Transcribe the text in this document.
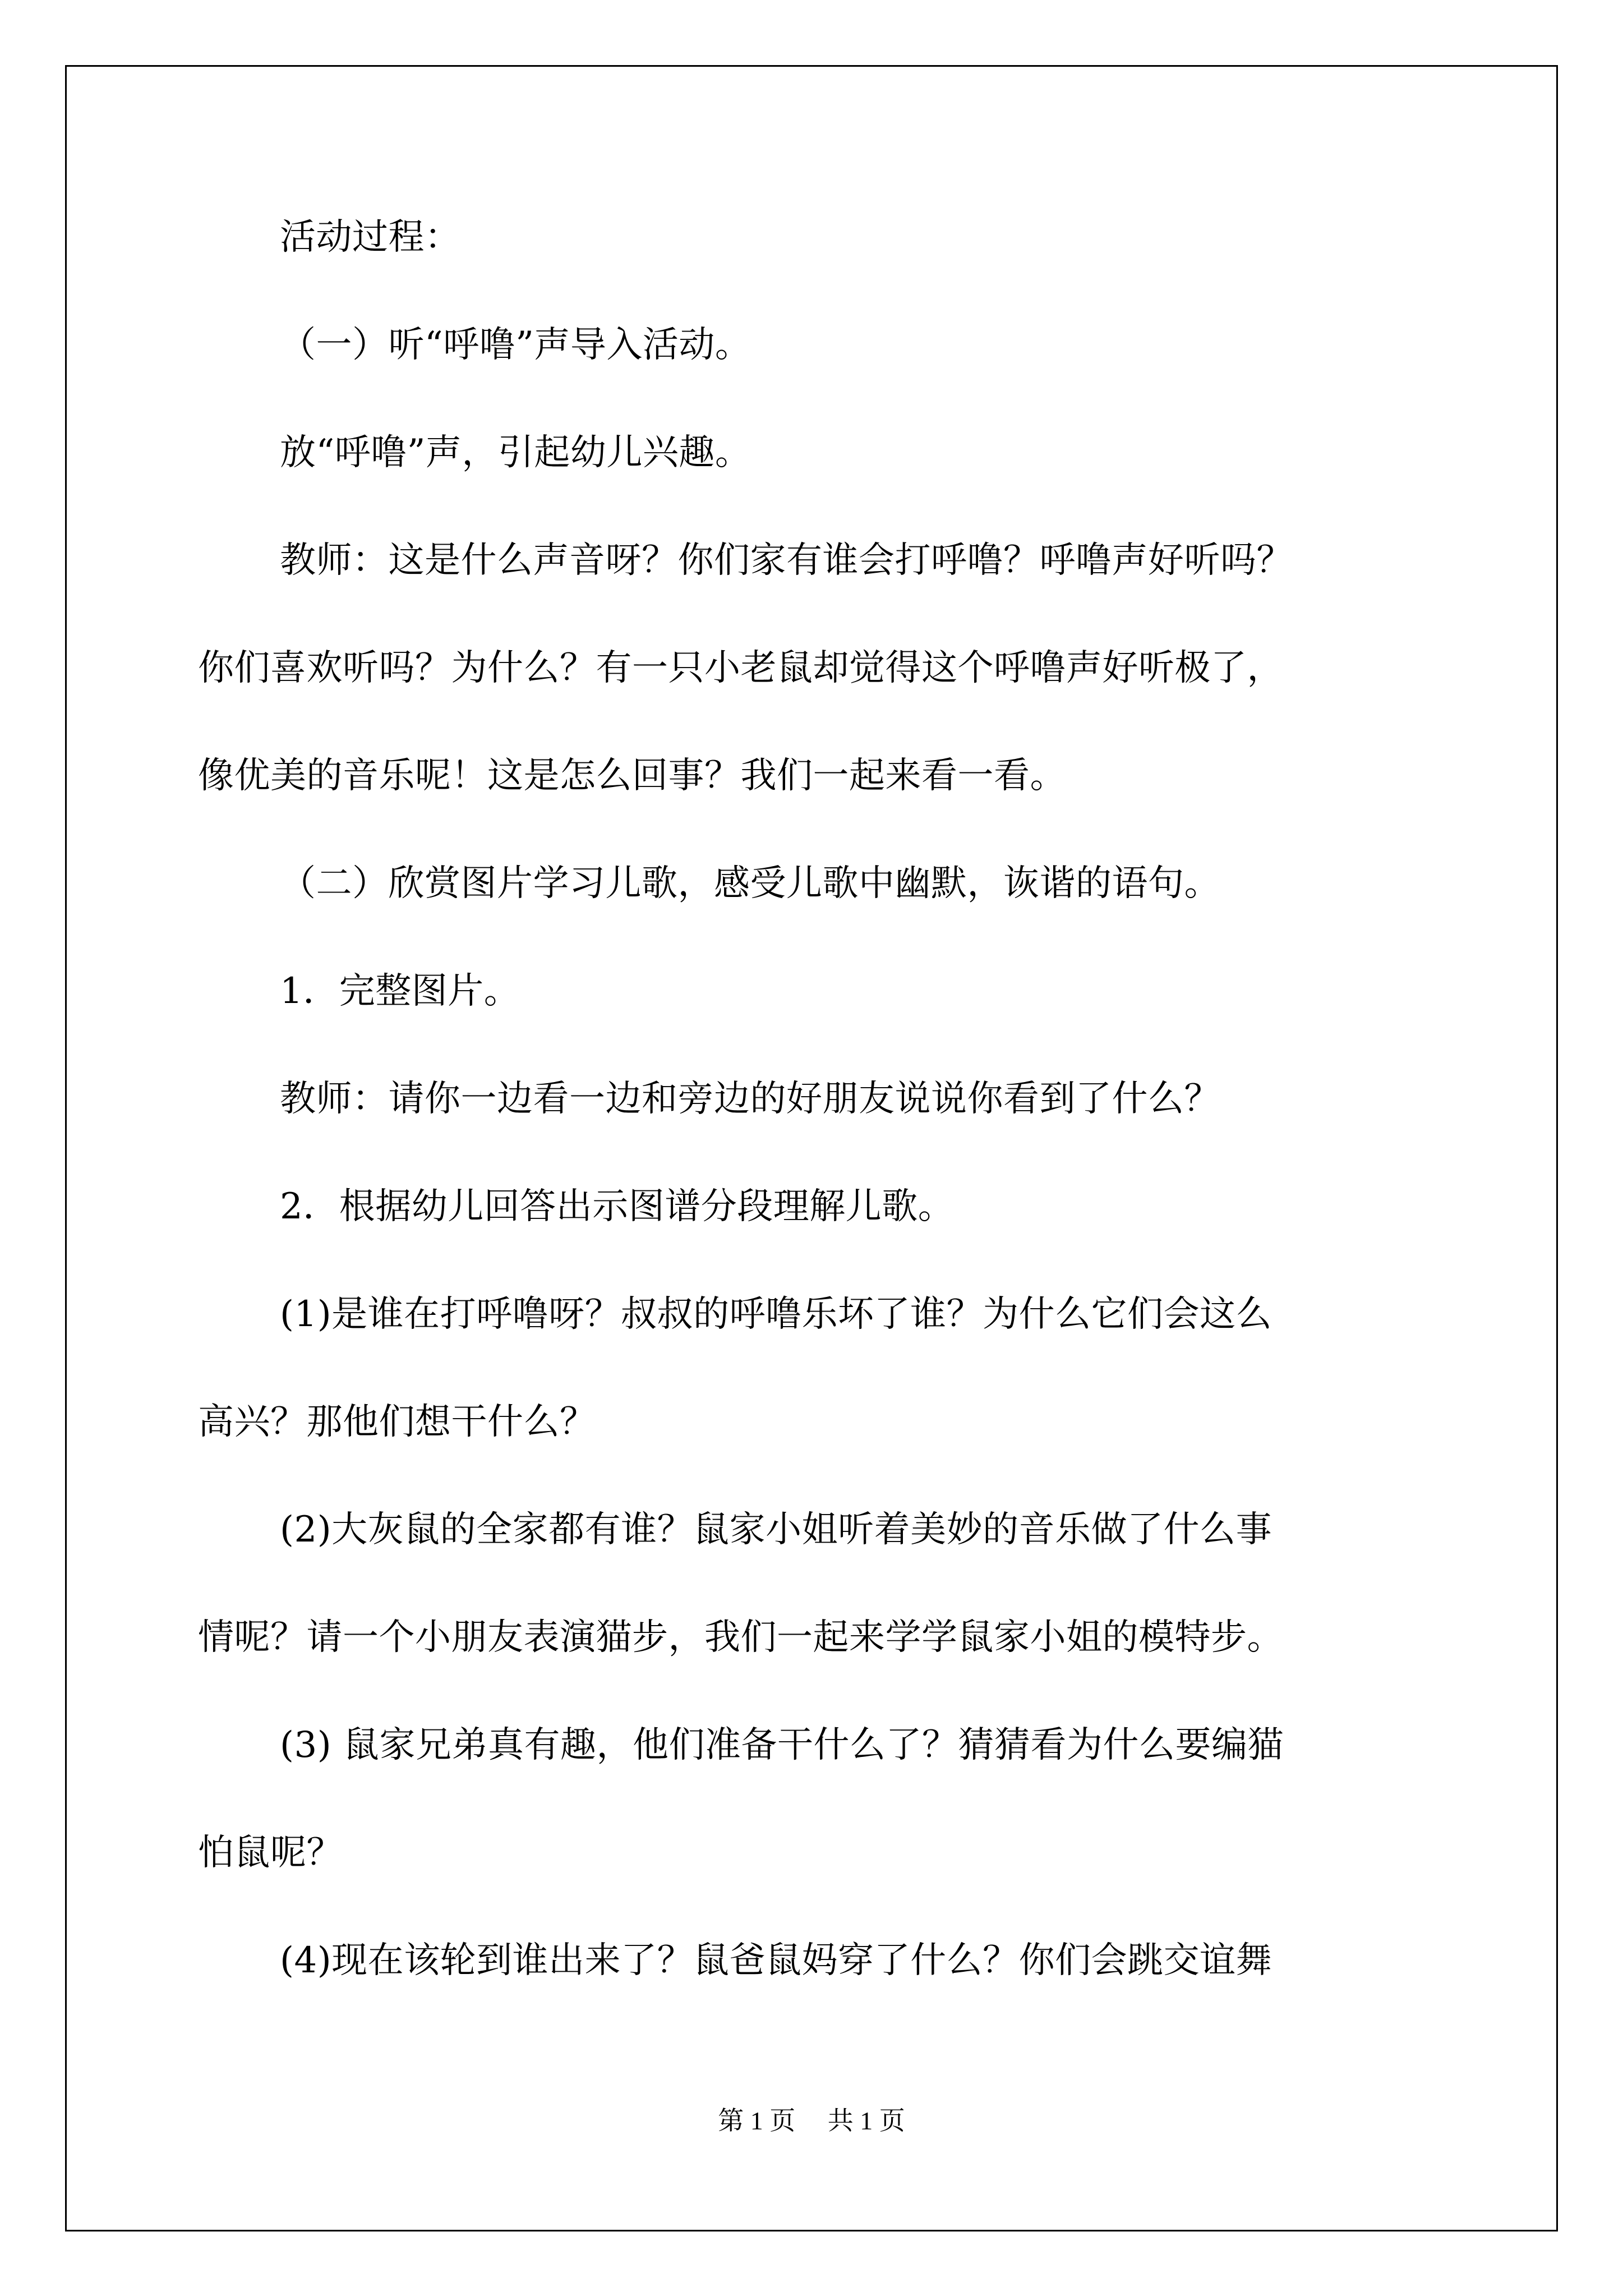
活动过程：

（一）听“呼噜”声导入活动。

放“呼噜”声，引起幼儿兴趣。

教师：这是什么声音呀？你们家有谁会打呼噜？呼噜声好听吗？

你们喜欢听吗？为什么？有一只小老鼠却觉得这个呼噜声好听极了，

像优美的音乐呢！这是怎么回事？我们一起来看一看。

（二）欣赏图片学习儿歌，感受儿歌中幽默，诙谐的语句。

1．完整图片。

教师：请你一边看一边和旁边的好朋友说说你看到了什么？

2．根据幼儿回答出示图谱分段理解儿歌。

(1)是谁在打呼噜呀？叔叔的呼噜乐坏了谁？为什么它们会这么

高兴？那他们想干什么？

(2)大灰鼠的全家都有谁？鼠家小姐听着美妙的音乐做了什么事

情呢？请一个小朋友表演猫步，我们一起来学学鼠家小姐的模特步。

(3) 鼠家兄弟真有趣，他们准备干什么了？猜猜看为什么要编猫

怕鼠呢？

(4)现在该轮到谁出来了？鼠爸鼠妈穿了什么？你们会跳交谊舞

第 1 页　 共 1 页
